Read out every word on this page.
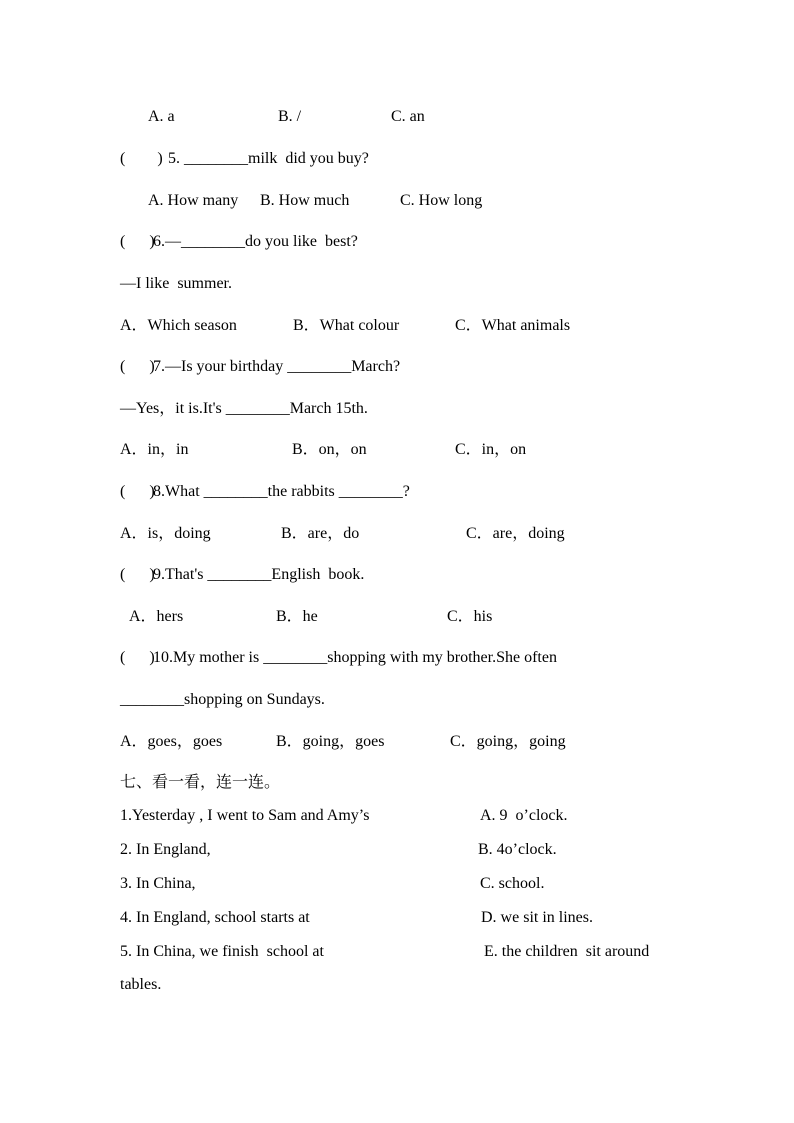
A. a	B. /	C. an
(        ) 5. ________milk  did you buy?
A. How many B. How much	C. How long
(      )
6.—________do you like  best?
—I like  summer.
A．Which season	B．What colour	C．What animals
(      )
7.—Is your birthday ________March?
—Yes，it is.It's ________March 15th.
A．in，in	B．on，on	C．in，on
(      )
8.What ________the rabbits ________?
A．is，doing	B．are，do	C．are，doing
(      )
9.That's ________English  book.
A．hers	B．he	C．his
(      )
10.My mother is ________shopping with my brother.She often
________shopping on Sundays.
A．goes，goes	B．going，goes	C．going，going
七、看一看，连一连。
1.Yesterday , I went to Sam and Amy’s	A. 9  o’clock.
2. In England,	B. 4o’clock.
3. In China,	C. school.
4. In England, school starts at	D. we sit in lines.
5. In China, we finish  school at	E. the children  sit around
tables.
